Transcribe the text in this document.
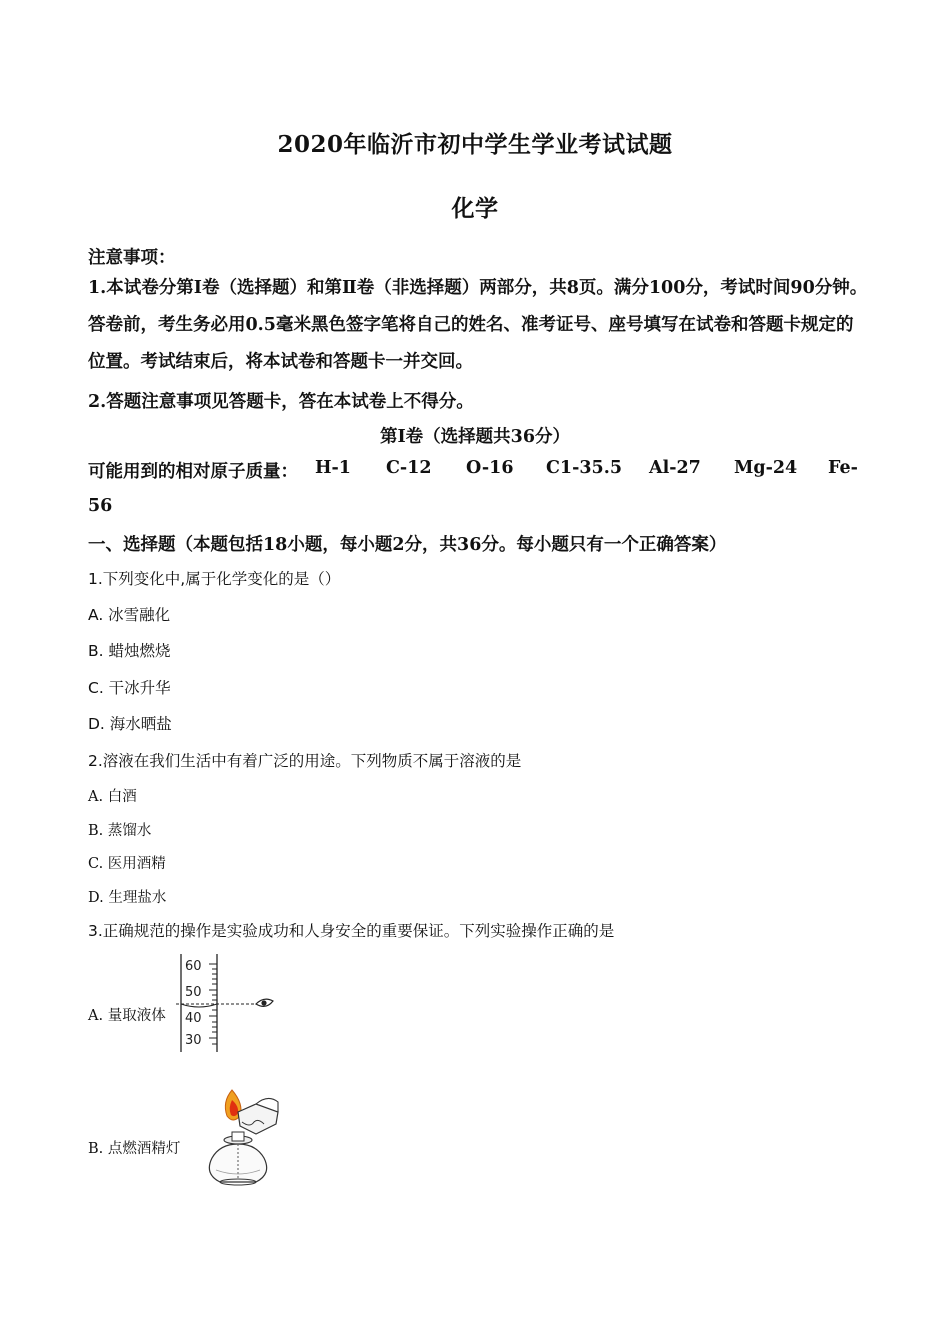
2020年临沂市初中学生学业考试试题
化学
注意事项：
1.本试卷分第Ⅰ卷（选择题）和第Ⅱ卷（非选择题）两部分，共8页。满分100分，考试时间90分钟。答卷前，考生务必用0.5毫米黑色签字笔将自己的姓名、准考证号、座号填写在试卷和答题卡规定的位置。考试结束后，将本试卷和答题卡一并交回。
2.答题注意事项见答题卡，答在本试卷上不得分。
第Ⅰ卷（选择题共36分）
可能用到的相对原子质量： H-1 C-12 O-16 C1-35.5 Al-27 Mg-24 Fe-
56
一、选择题（本题包括18小题，每小题2分，共36分。每小题只有一个正确答案）
1.下列变化中,属于化学变化的是（）
A. 冰雪融化
B. 蜡烛燃烧
C. 干冰升华
D. 海水晒盐
2.溶液在我们生活中有着广泛的用途。下列物质不属于溶液的是
A. 白酒
B. 蒸馏水
C. 医用酒精
D. 生理盐水
3.正确规范的操作是实验成功和人身安全的重要保证。下列实验操作正确的是
A. 量取液体
60
50
40
30
B. 点燃酒精灯
